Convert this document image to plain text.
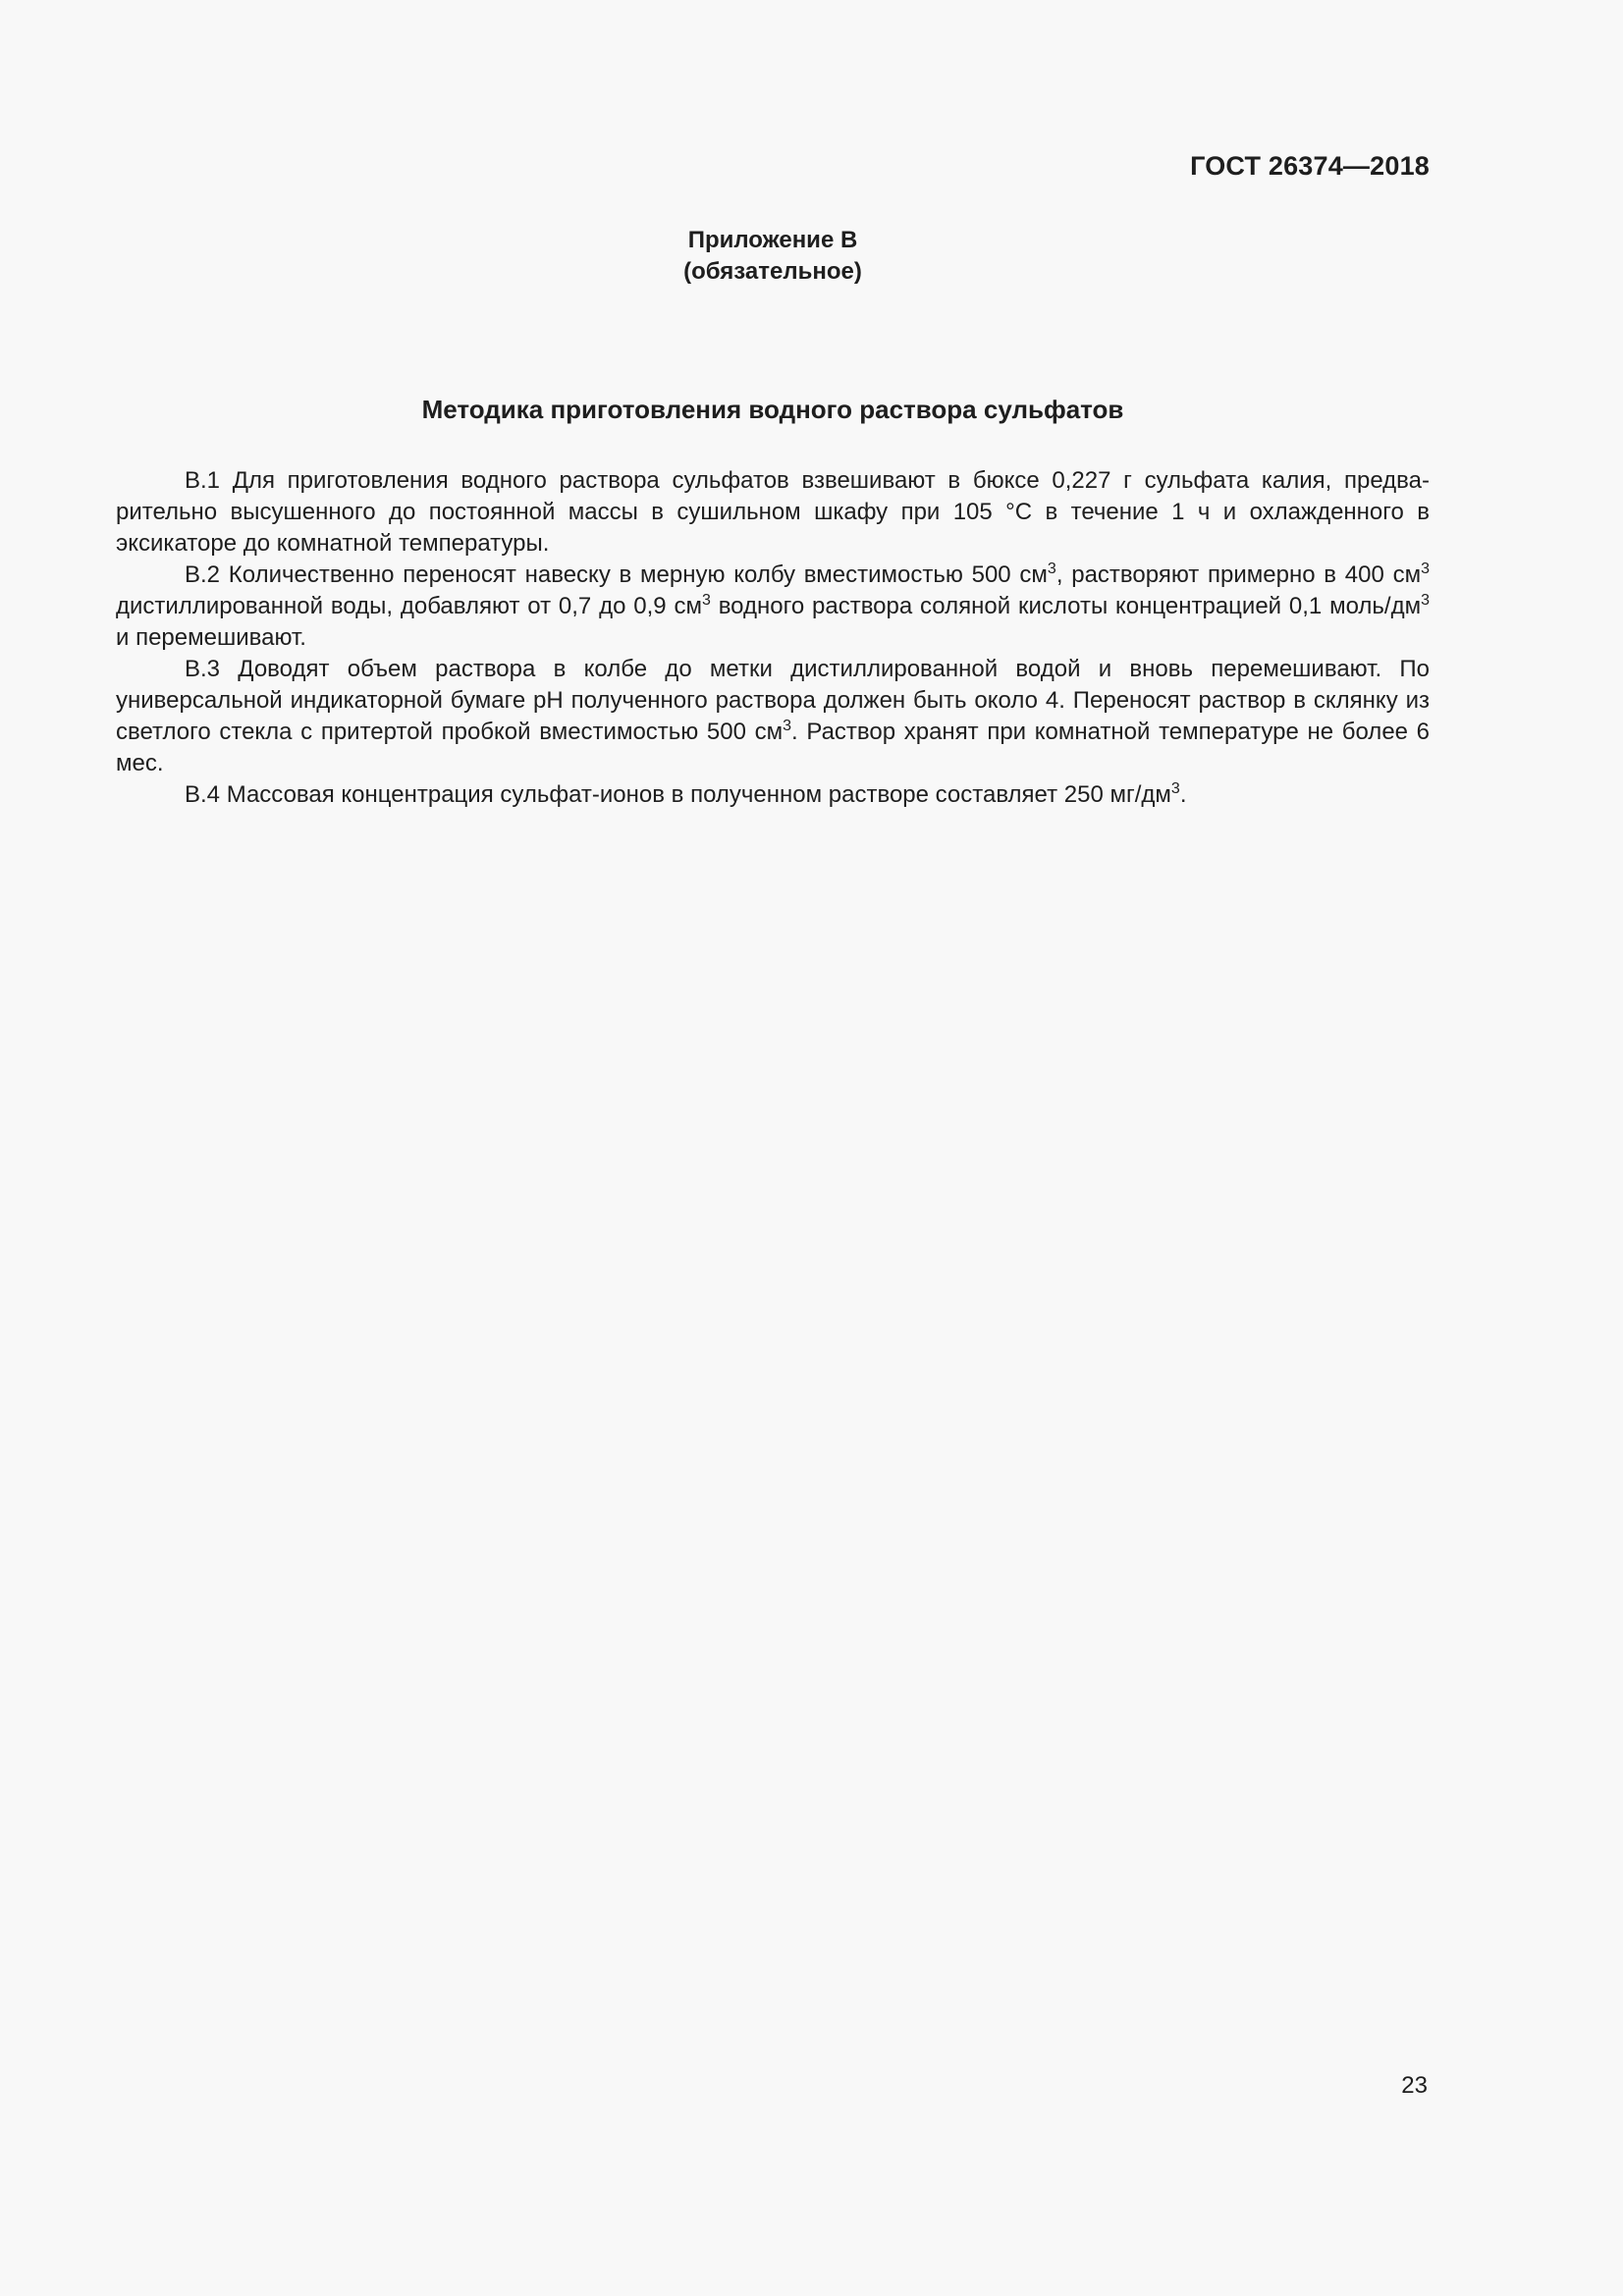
ГОСТ 26374—2018
Приложение В
(обязательное)
Методика приготовления водного раствора сульфатов

В.1 Для приготовления водного раствора сульфатов взвешивают в бюксе 0,227 г сульфата калия, предва-рительно высушенного до постоянной массы в сушильном шкафу при 105 °С в течение 1 ч и охлажденного в эксикаторе до комнатной температуры.

В.2 Количественно переносят навеску в мерную колбу вместимостью 500 $см^3$, растворяют примерно в 400 $см^3$ дистиллированной воды, добавляют от 0,7 до 0,9 $см^3$ водного раствора соляной кислоты концентрацией 0,1 моль/$дм^3$ и перемешивают.

В.3 Доводят объем раствора в колбе до метки дистиллированной водой и вновь перемешивают. По универсальной индикаторной бумаге рН полученного раствора должен быть около 4. Переносят раствор в склянку из светлого стекла с притертой пробкой вместимостью 500 $см^3$. Раствор хранят при комнатной температуре не более 6 мес.

В.4 Массовая концентрация сульфат-ионов в полученном растворе составляет 250 $мг/дм^3$.

23
